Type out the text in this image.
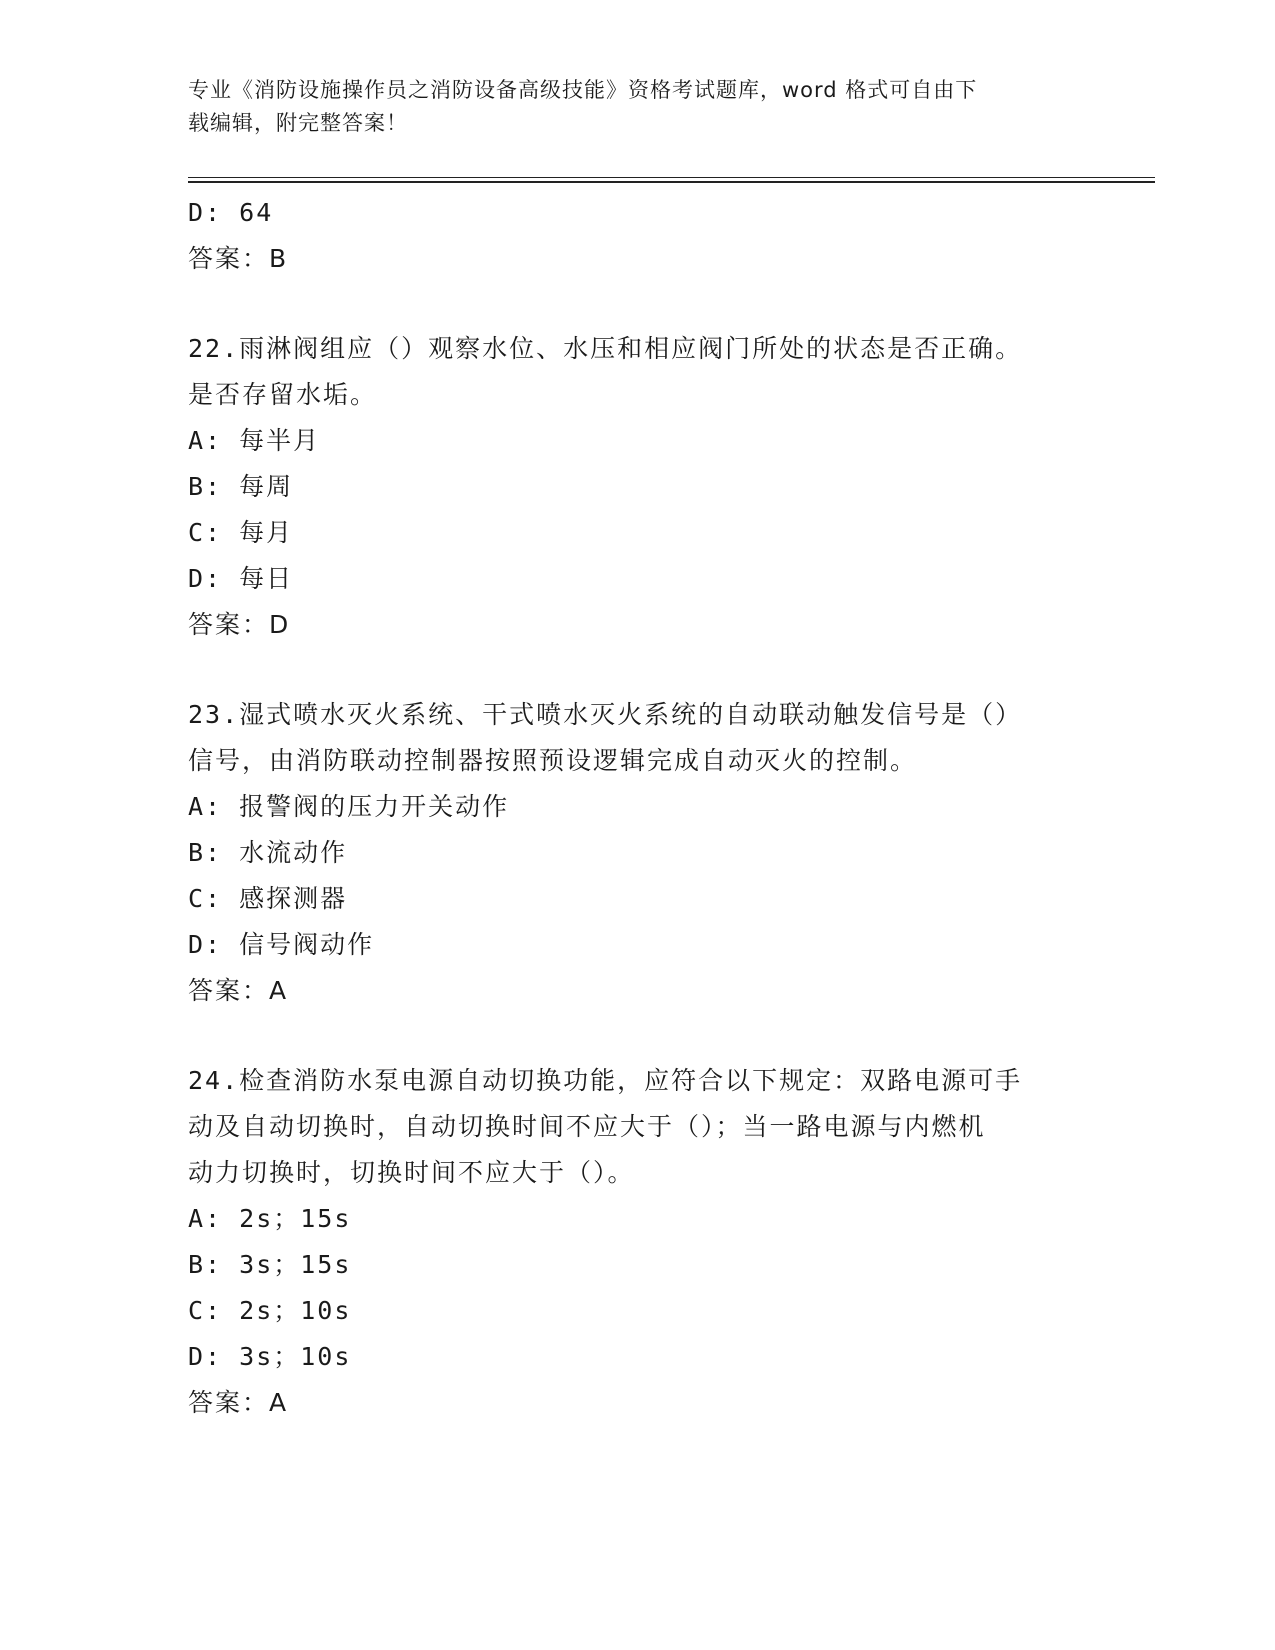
专业《消防设施操作员之消防设备高级技能》资格考试题库，word 格式可自由下
载编辑，附完整答案！
D: 64
答案：B
22.雨淋阀组应（）观察水位、水压和相应阀门所处的状态是否正确。
是否存留水垢。
A: 每半月
B: 每周
C: 每月
D: 每日
答案：D
23.湿式喷水灭火系统、干式喷水灭火系统的自动联动触发信号是（）
信号，由消防联动控制器按照预设逻辑完成自动灭火的控制。
A: 报警阀的压力开关动作
B: 水流动作
C: 感探测器
D: 信号阀动作
答案：A
24.检查消防水泵电源自动切换功能，应符合以下规定：双路电源可手
动及自动切换时，自动切换时间不应大于（）；当一路电源与内燃机
动力切换时，切换时间不应大于（）。
A: 2s；15s
B: 3s；15s
C: 2s；10s
D: 3s；10s
答案：A
